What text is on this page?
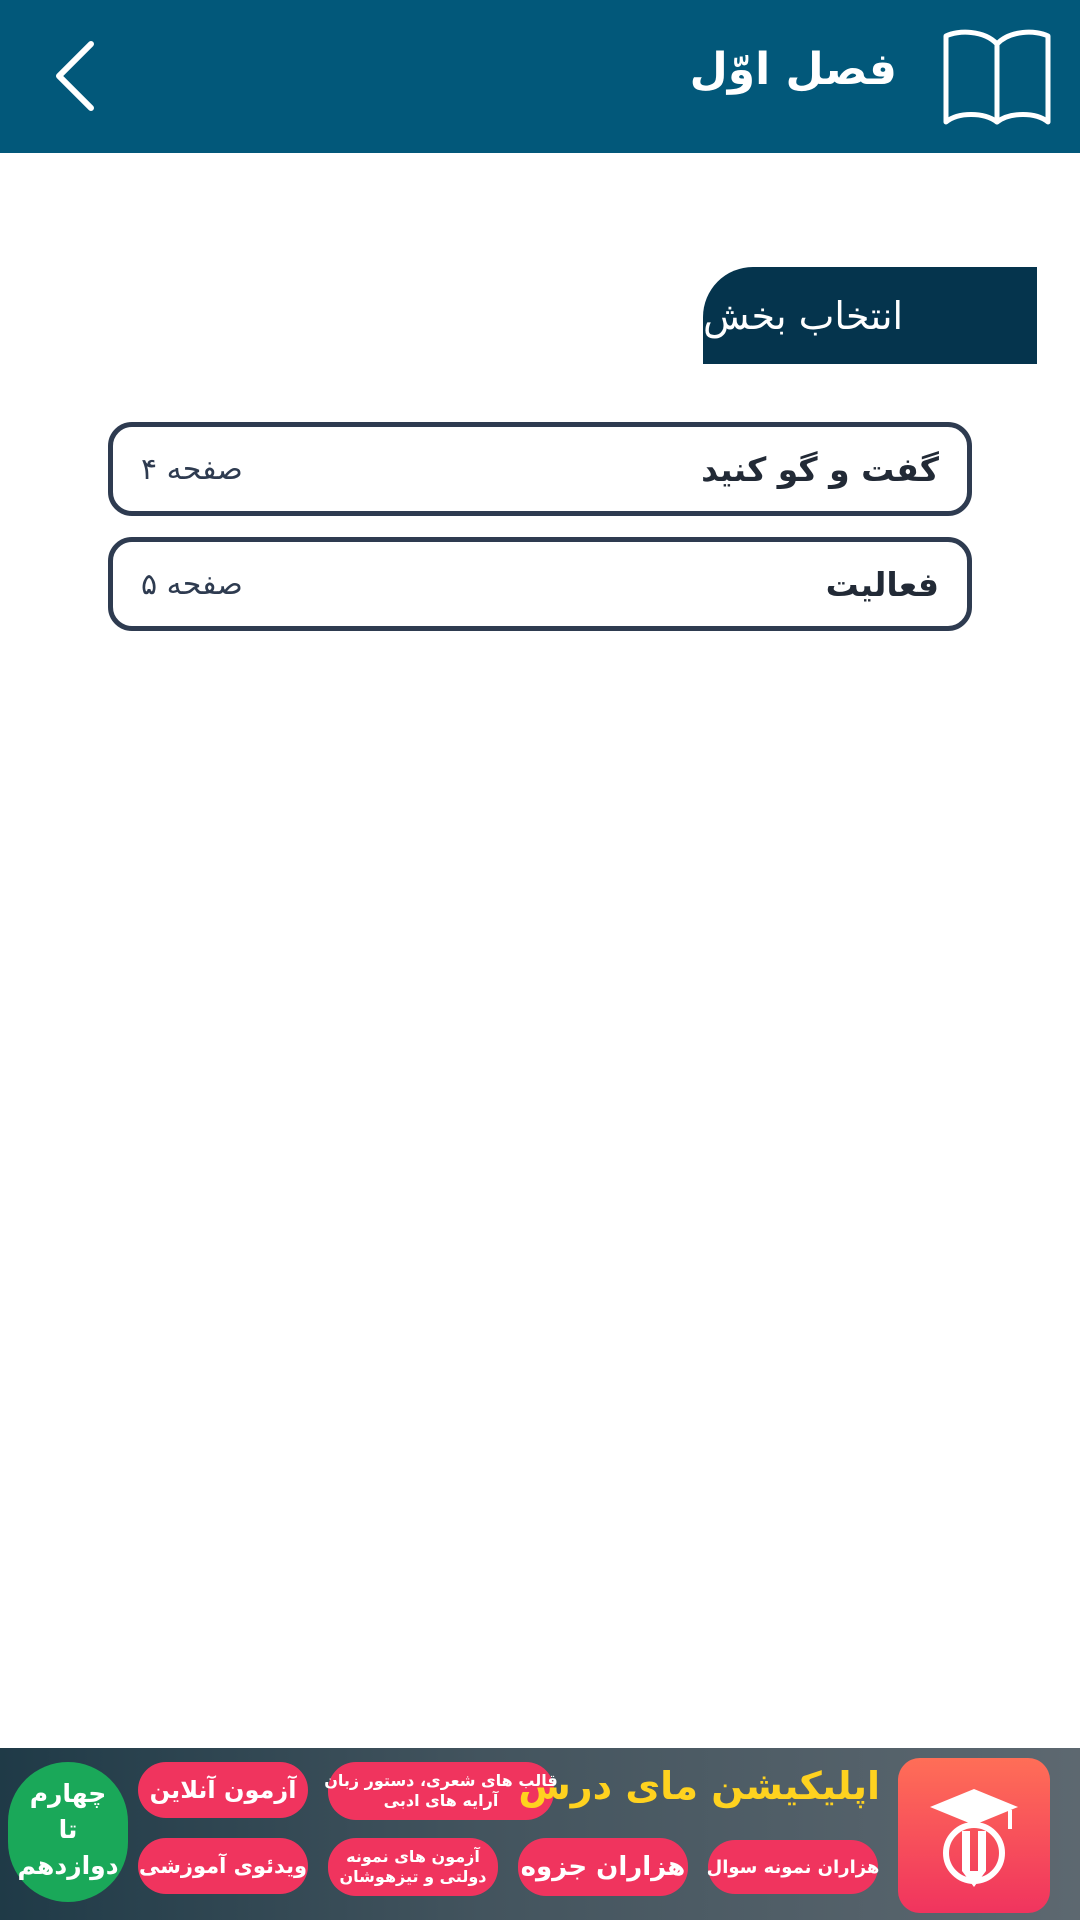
فصل اوّل
انتخاب بخش
گفت و گو کنید
صفحه ۴
فعالیت
صفحه ۵
چهارم
تا
دوازدهم
آزمون آنلاین
ویدئوی آموزشی
قالب های شعری، دستور زبان
آرایه های ادبی
آزمون های نمونه
دولتی و تیزهوشان
اپلیکیشن مای درس
هزاران جزوه هزاران نمونه سوال
